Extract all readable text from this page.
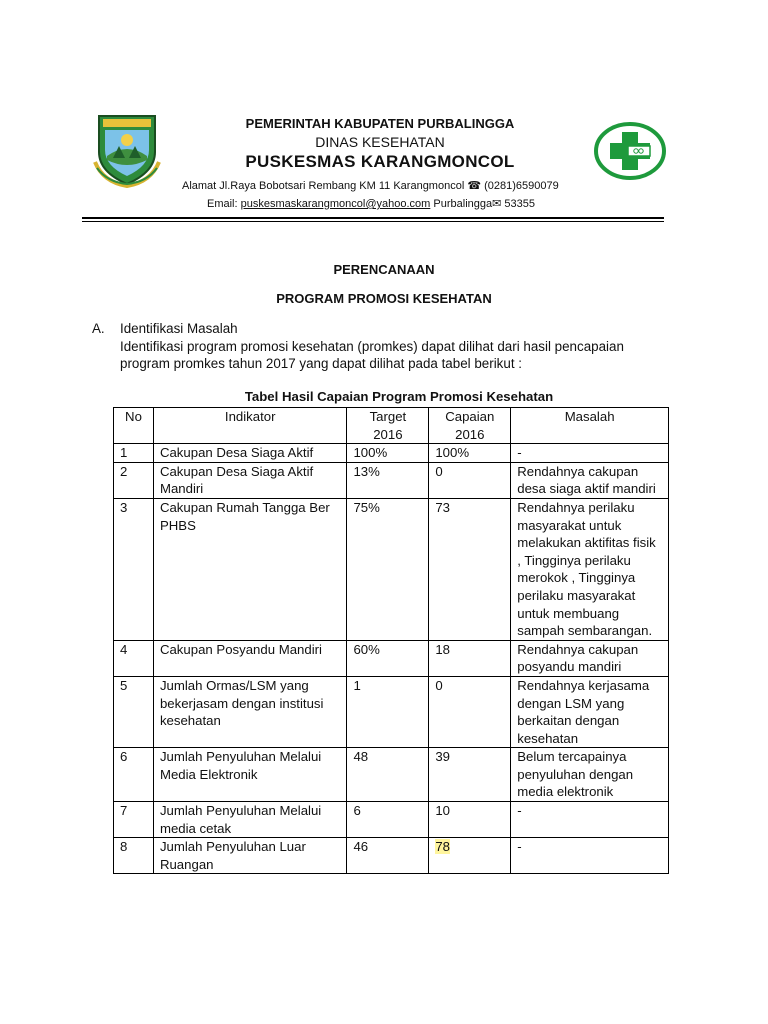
PEMERINTAH KABUPATEN PURBALINGGA
DINAS KESEHATAN
PUSKESMAS KARANGMONCOL
Alamat Jl.Raya Bobotsari Rembang KM 11 Karangmoncol ☎ (0281)6590079
Email: puskesmaskarangmoncol@yahoo.com Purbalingga✉ 53355
PERENCANAAN
PROGRAM PROMOSI KESEHATAN
A. Identifikasi Masalah
Identifikasi program promosi kesehatan (promkes) dapat dilihat dari hasil pencapaian
program promkes tahun 2017 yang dapat dilihat pada tabel berikut :
Tabel Hasil Capaian Program Promosi Kesehatan
No	Indikator	Target 2016	Capaian 2016	Masalah
1	Cakupan Desa Siaga Aktif	100%	100%	-
2	Cakupan Desa Siaga Aktif Mandiri	13%	0	Rendahnya cakupan desa siaga aktif mandiri
3	Cakupan Rumah Tangga Ber PHBS	75%	73	Rendahnya perilaku masyarakat untuk melakukan aktifitas fisik , Tingginya perilaku merokok , Tingginya perilaku masyarakat untuk membuang sampah sembarangan.
4	Cakupan Posyandu Mandiri	60%	18	Rendahnya cakupan posyandu mandiri
5	Jumlah Ormas/LSM yang bekerjasam dengan institusi kesehatan	1	0	Rendahnya kerjasama dengan LSM yang berkaitan dengan kesehatan
6	Jumlah Penyuluhan Melalui Media Elektronik	48	39	Belum tercapainya penyuluhan dengan media elektronik
7	Jumlah Penyuluhan Melalui media cetak	6	10	-
8	Jumlah Penyuluhan Luar Ruangan	46	78	-
